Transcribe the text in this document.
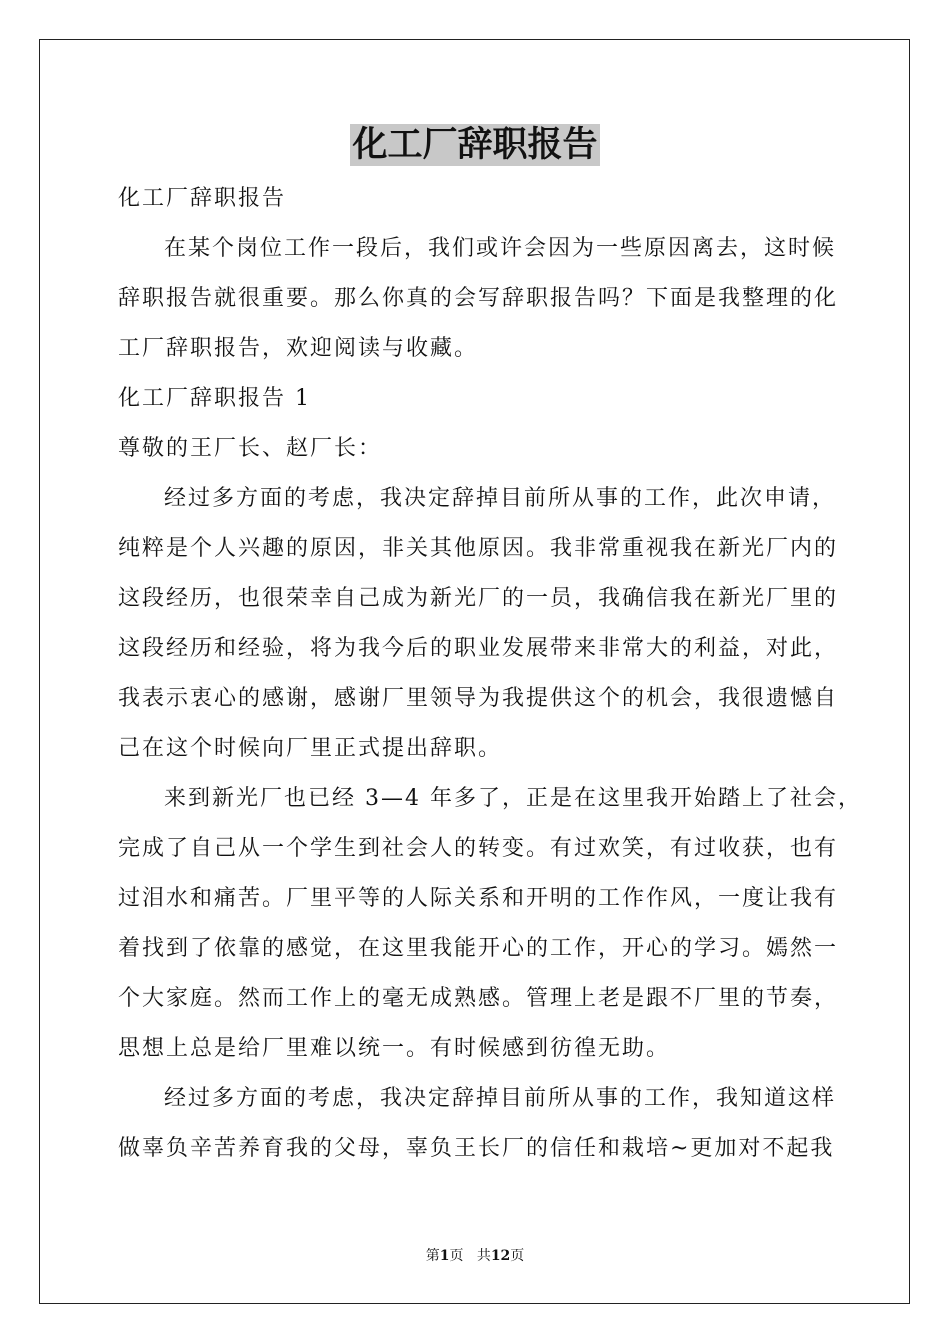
化工厂辞职报告
化工厂辞职报告
在某个岗位工作一段后，我们或许会因为一些原因离去，这时候
辞职报告就很重要。那么你真的会写辞职报告吗？下面是我整理的化
工厂辞职报告，欢迎阅读与收藏。
化工厂辞职报告 1
尊敬的王厂长、赵厂长：
经过多方面的考虑，我决定辞掉目前所从事的工作，此次申请，
纯粹是个人兴趣的原因，非关其他原因。我非常重视我在新光厂内的
这段经历，也很荣幸自己成为新光厂的一员，我确信我在新光厂里的
这段经历和经验，将为我今后的职业发展带来非常大的利益，对此，
我表示衷心的感谢，感谢厂里领导为我提供这个的机会，我很遗憾自
己在这个时候向厂里正式提出辞职。
来到新光厂也已经 3—4 年多了，正是在这里我开始踏上了社会，
完成了自己从一个学生到社会人的转变。有过欢笑，有过收获，也有
过泪水和痛苦。厂里平等的人际关系和开明的工作作风，一度让我有
着找到了依靠的感觉，在这里我能开心的工作，开心的学习。嫣然一
个大家庭。然而工作上的毫无成熟感。管理上老是跟不厂里的节奏，
思想上总是给厂里难以统一。有时候感到彷徨无助。
经过多方面的考虑，我决定辞掉目前所从事的工作，我知道这样
做辜负辛苦养育我的父母，辜负王长厂的信任和栽培~更加对不起我
第1页 共12页
